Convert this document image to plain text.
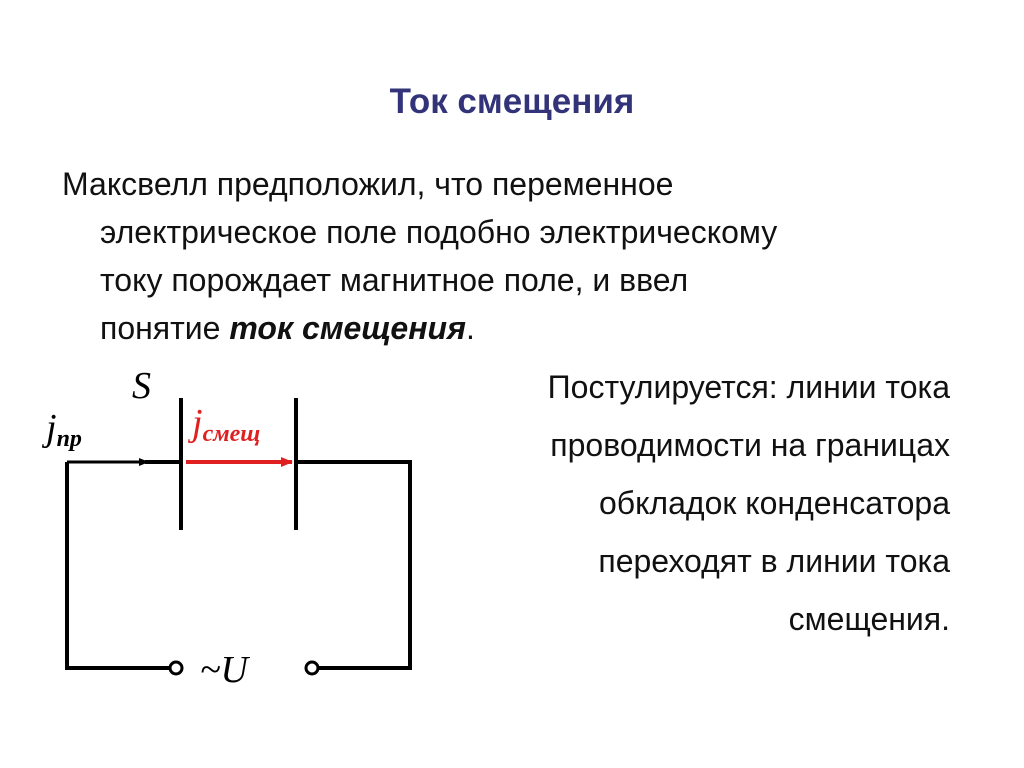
Ток смещения
Максвелл предположил, что переменное
электрическое поле подобно электрическому
току порождает магнитное поле, и ввел
понятие ток смещения.
Постулируется: линии тока
проводимости на границах
обкладок конденсатора
переходят в линии тока
смещения.
S
jпр	jсмещ
~U
